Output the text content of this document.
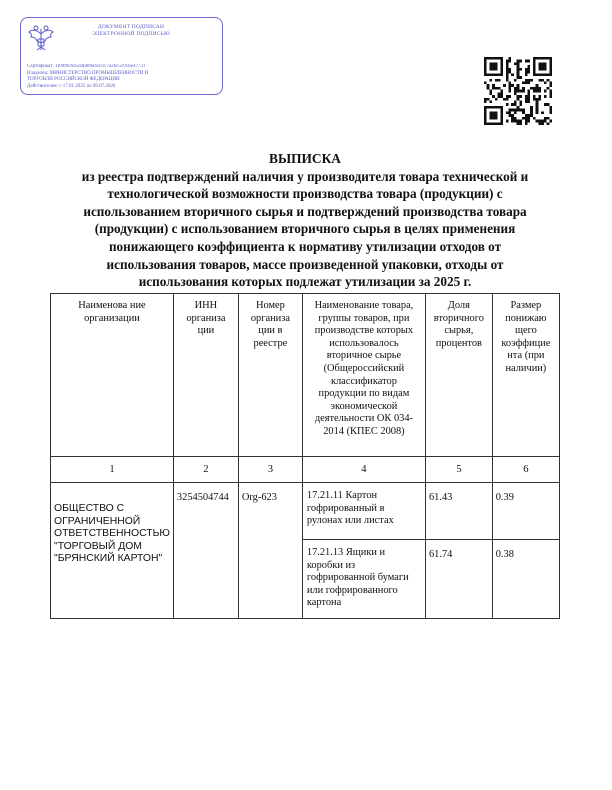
ДОКУМЕНТ ПОДПИСАН
ЭЛЕКТРОННОЙ ПОДПИСЬЮ
Сертификат: 1f09f0c6d5d4b8f9e6cb1c7a2bc5c916e47731
Владелец: МИНИСТЕРСТВО ПРОМЫШЛЕННОСТИ И
ТОРГОВЛИ РОССИЙСКОЙ ФЕДЕРАЦИИ
Действителен: с 17.01.2025 по 09.07.2026
ВЫПИСКА
из реестра подтверждений наличия у производителя товара технической и
технологической возможности производства товара (продукции) с
использованием вторичного сырья и подтверждений производства товара
(продукции) с использованием вторичного сырья в целях применения
понижающего коэффициента к нормативу утилизации отходов от
использования товаров, массе произведенной упаковки, отходы от
использования которых подлежат утилизации за 2025 г.
Наименова ние организации	ИНН организа ции	Номер организа ции в реестре	Наименование товара, группы товаров, при производстве которых использовалось вторичное сырье (Общероссийский классификатор продукции по видам экономической деятельности ОК 034-2014 (КПЕС 2008)	Доля вторичного сырья, процентов	Размер понижаю щего коэффицие нта (при наличии)
1	2	3	4	5	6

ОБЩЕСТВО С ОГРАНИЧЕННОЙ ОТВЕТСТВЕННОСТЬЮ "ТОРГОВЫЙ ДОМ "БРЯНСКИЙ КАРТОН"	3254504744	Org-623	17.21.11 Картон гофрированный в рулонах или листах	61.43	0.39
			17.21.13 Ящики и коробки из гофрированной бумаги или гофрированного картона	61.74	0.38
